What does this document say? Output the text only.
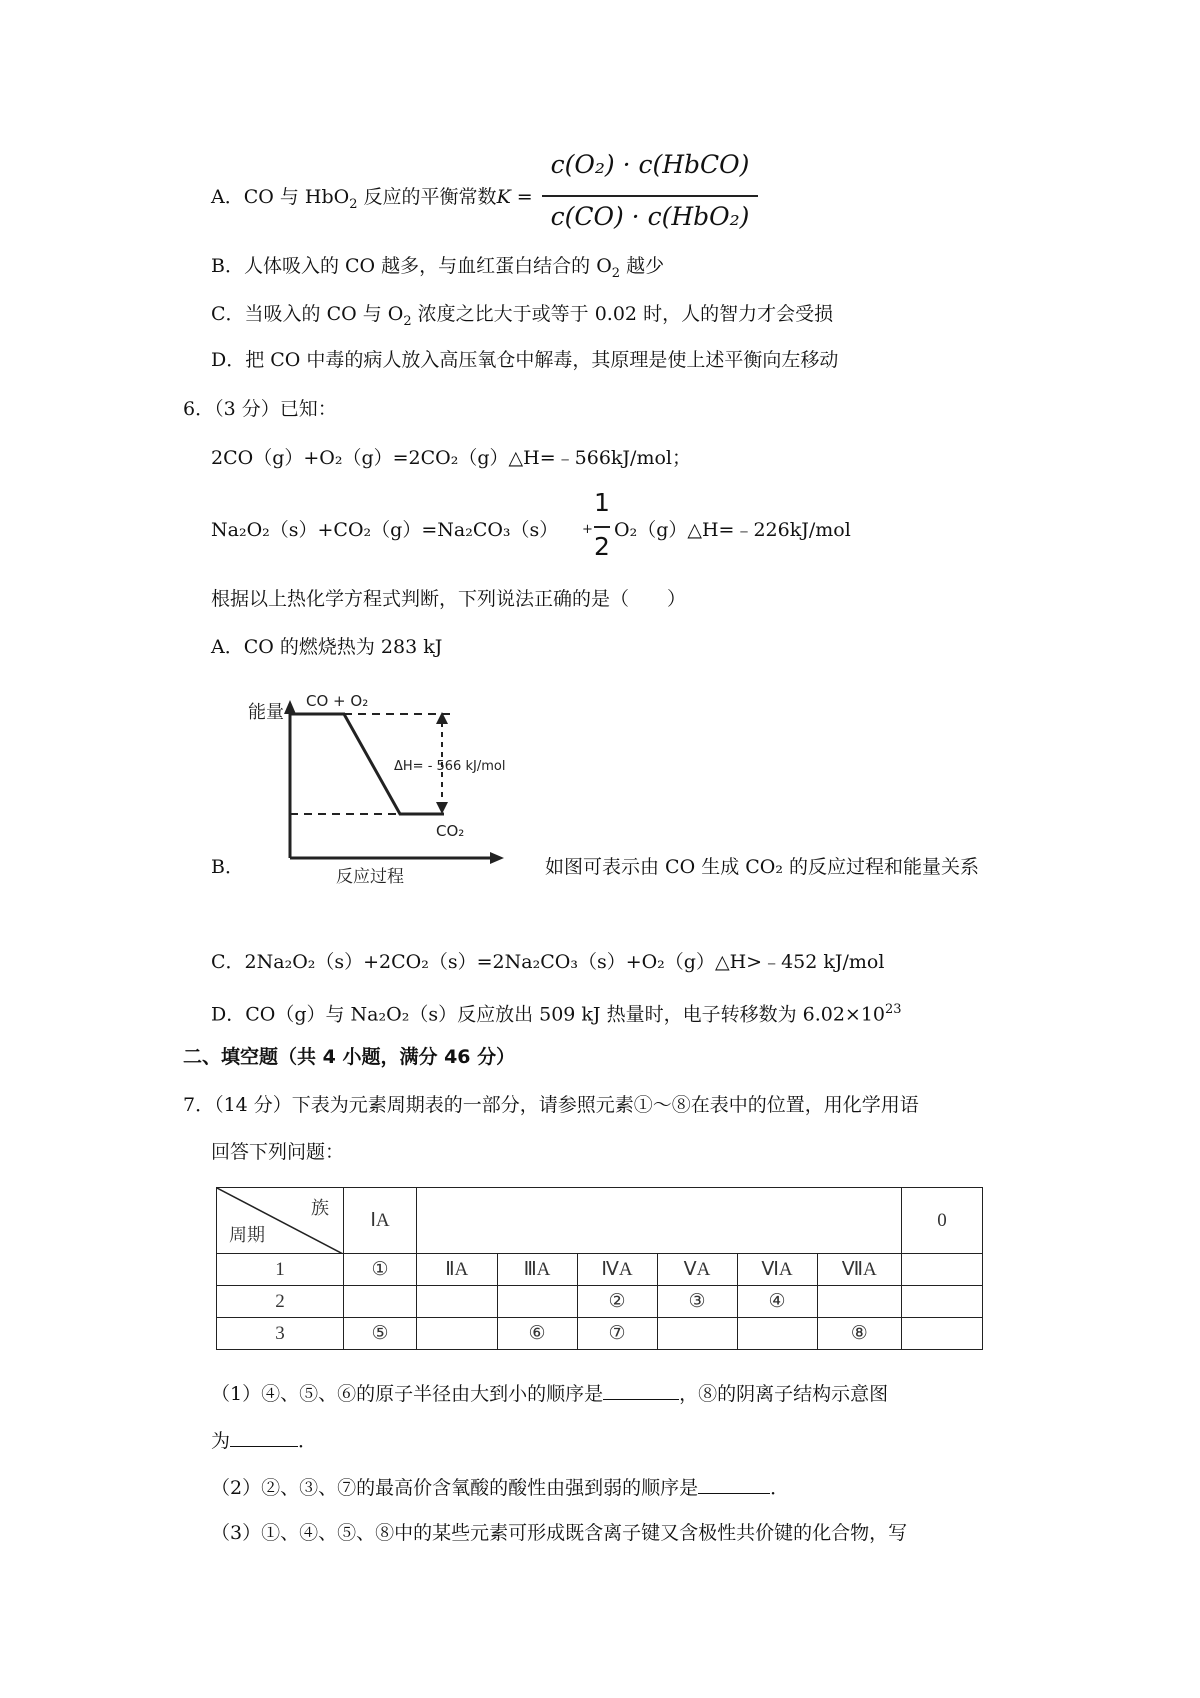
A．CO 与 HbO$_2$ 反应的平衡常数K =
c(O₂) · c(HbCO)
c(CO) · c(HbO₂)
B．人体吸入的 CO 越多，与血红蛋白结合的 $O_2$ 越少
C．当吸入的 CO 与 $O_2$ 浓度之比大于或等于 0.02 时，人的智力才会受损
D．把 CO 中毒的病人放入高压氧仓中解毒，其原理是使上述平衡向左移动
6．（3 分）已知：
2CO（g）+O₂（g）=2CO₂（g）△H=﹣566kJ/mol；
Na₂O₂（s）+CO₂（g）=Na₂CO₃（s） +
1
2
O₂（g）△H=﹣226kJ/mol
根据以上热化学方程式判断，下列说法正确的是（　　）
A．CO 的燃烧热为 283 kJ
能量
CO + O₂
ΔH= - 566 kJ/mol
CO₂
反应过程
B．	如图可表示由 CO 生成 CO₂ 的反应过程和能量关系
C．2Na₂O₂（s）+2CO₂（s）=2Na₂CO₃（s）+O₂（g）△H>﹣452 kJ/mol
D．CO（g）与 Na₂O₂（s）反应放出 509 kJ 热量时，电子转移数为 $6.02\times 10^{23}$
二、填空题（共 4 小题，满分 46 分）
7．（14 分）下表为元素周期表的一部分，请参照元素①～⑧在表中的位置，用化学用语
回答下列问题：
族
周期	ⅠA							0
1	①	ⅡA	ⅢA	ⅣA	ⅤA	ⅥA	ⅦA	
2				②	③	④		
3	⑤		⑥	⑦			⑧	
（1）④、⑤、⑥的原子半径由大到小的顺序是	，⑧的阴离子结构示意图
为	．
（2）②、③、⑦的最高价含氧酸的酸性由强到弱的顺序是	．
（3）①、④、⑤、⑧中的某些元素可形成既含离子键又含极性共价键的化合物，写
